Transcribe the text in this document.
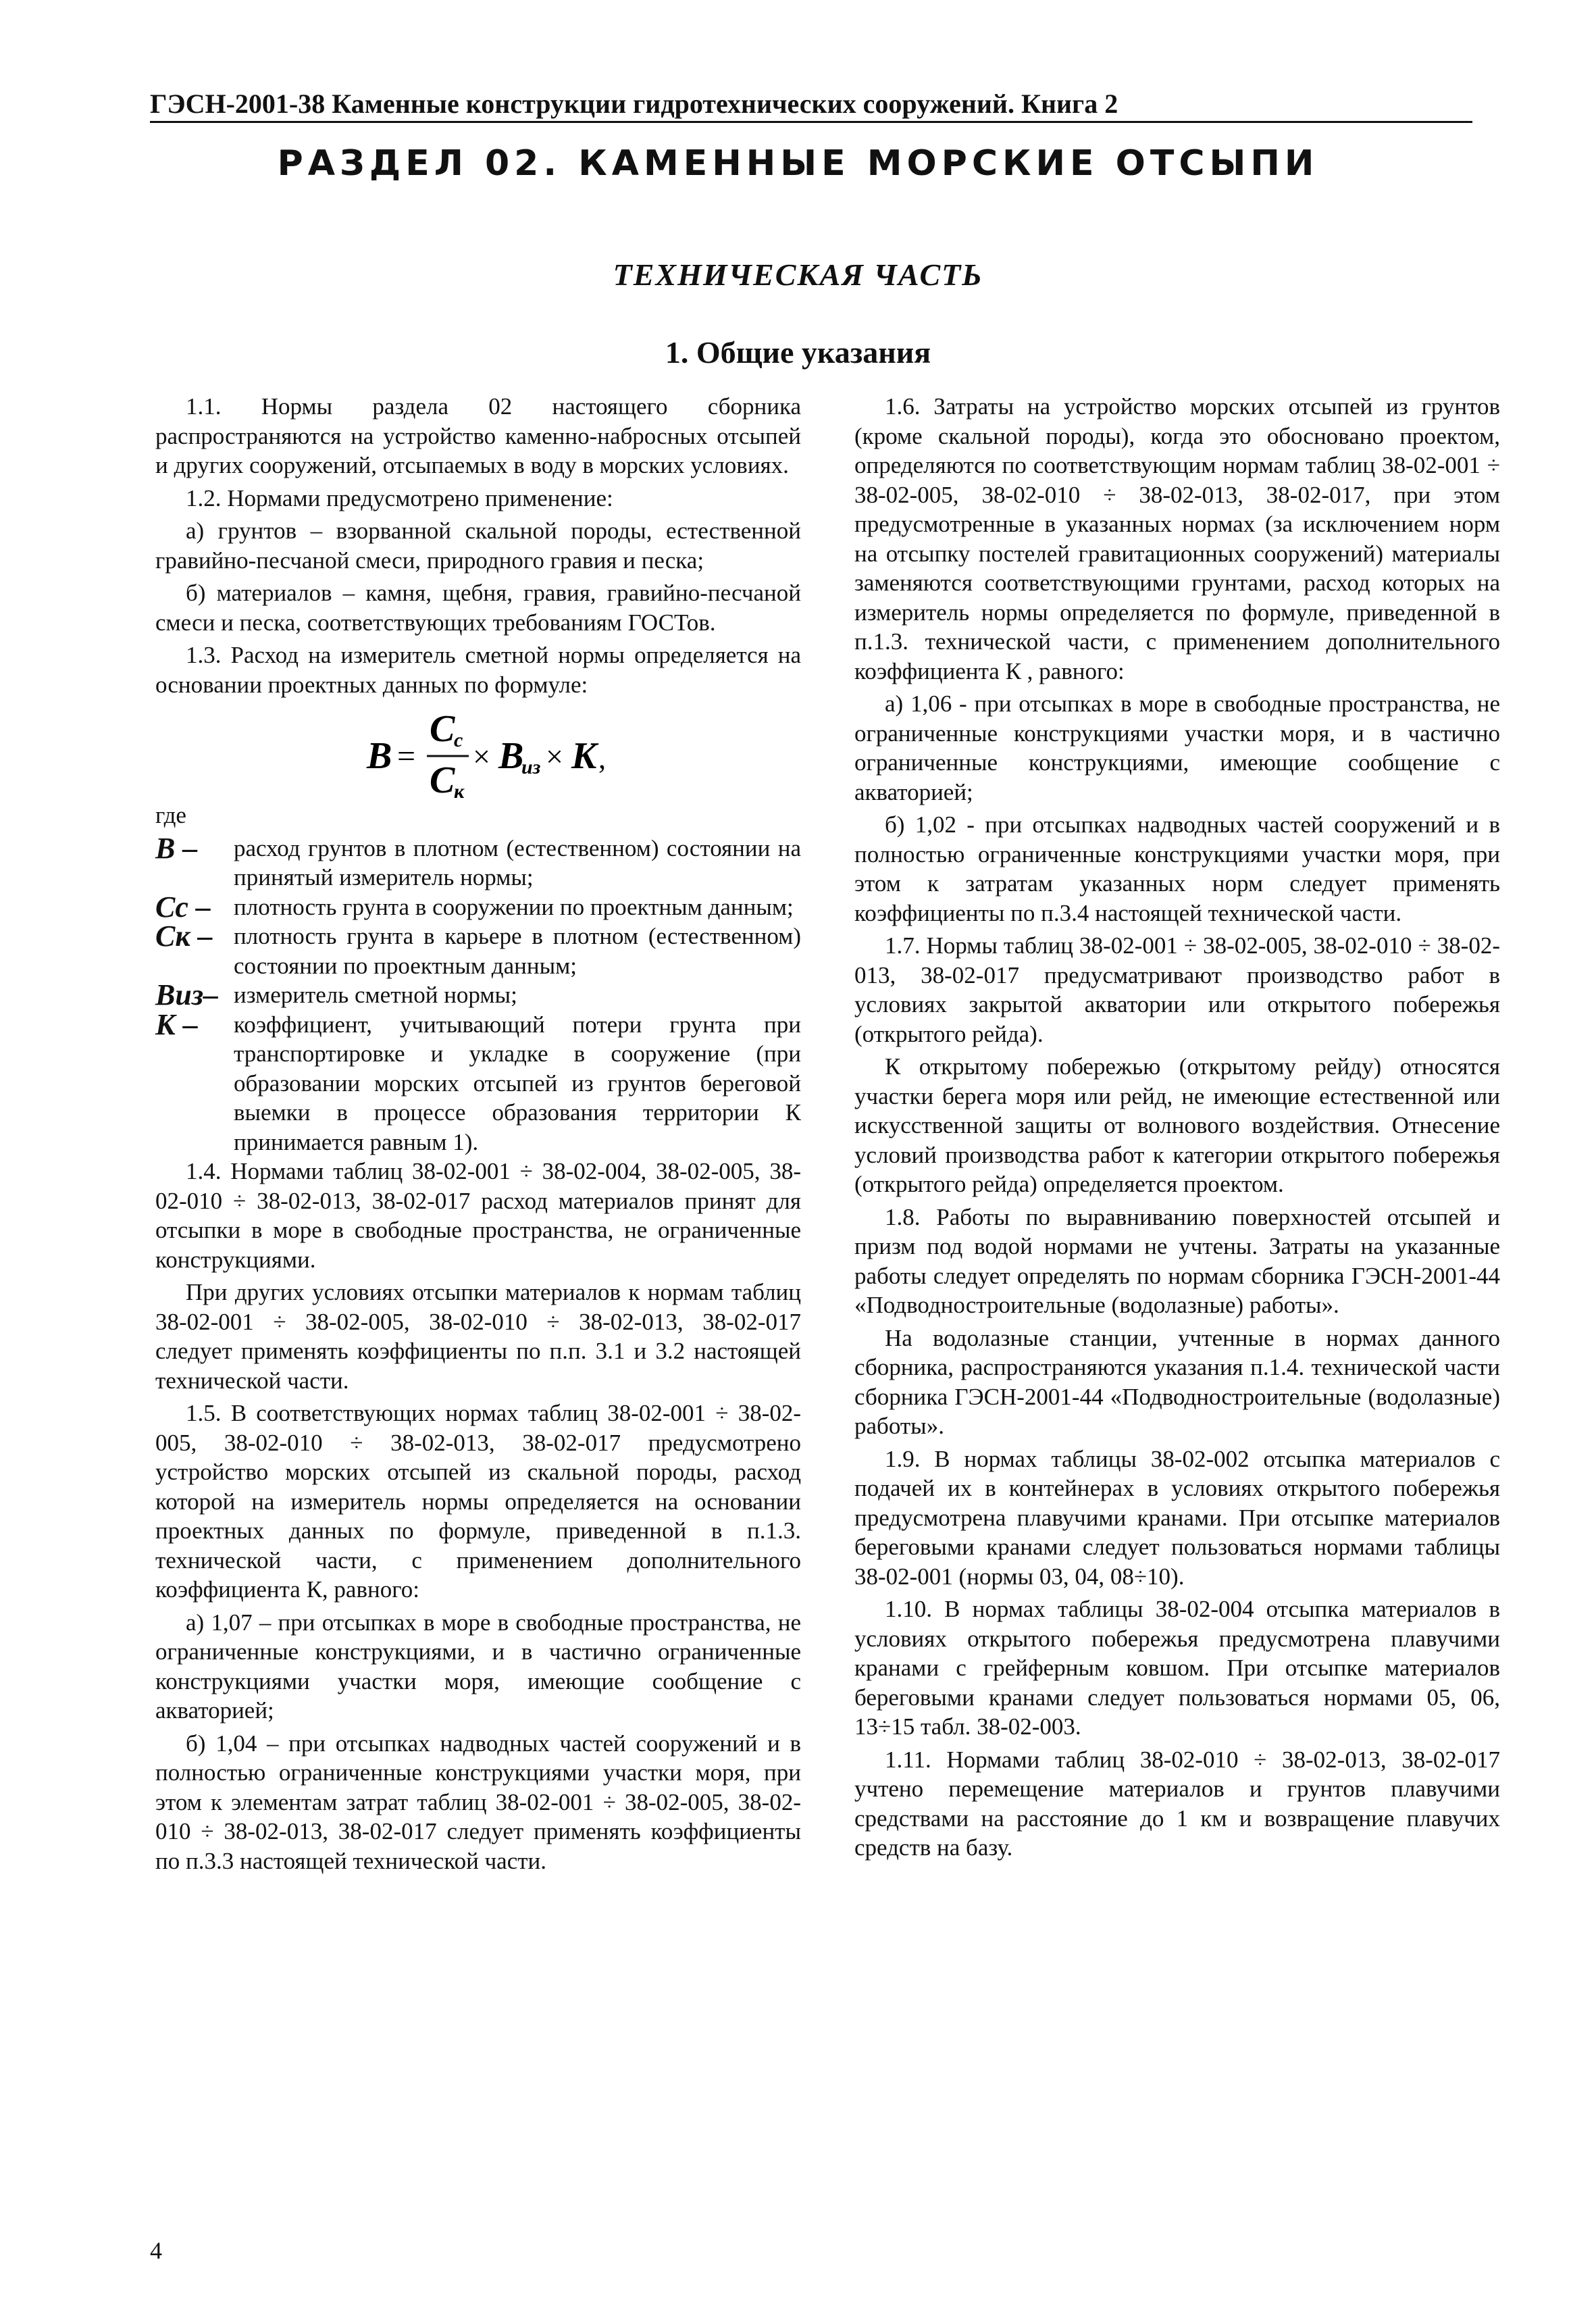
ГЭСН-2001-38 Каменные конструкции гидротехнических сооружений. Книга 2
РАЗДЕЛ 02. КАМЕННЫЕ МОРСКИЕ ОТСЫПИ
ТЕХНИЧЕСКАЯ ЧАСТЬ
1. Общие указания

1.1. Нормы раздела 02 настоящего сборника распространяются на устройство каменно-набросных отсыпей и других сооружений, отсыпаемых в воду в морских условиях.

1.2. Нормами предусмотрено применение:

а) грунтов – взорванной скальной породы, естественной гравийно-песчаной смеси, природного гравия и песка;

б) материалов – камня, щебня, гравия, гравийно-песчаной смеси и песка, соответствующих требованиям ГОСТов.

1.3. Расход на измеритель сметной нормы определяется на основании проектных данных по формуле:

B =
C
c
C
к
× B
из × K ,

где

B –	расход грунтов в плотном (естественном) состоянии на принятый измеритель нормы;
Cc – плотность грунта в сооружении по проектным данным;
Cк – плотность грунта в карьере в плотном (естественном) состоянии по проектным данным;
Bиз– измеритель сметной нормы;
К –	коэффициент, учитывающий потери грунта при транспортировке и укладке в сооружение (при образовании морских отсыпей из грунтов береговой выемки в процессе образования территории К принимается равным 1).

1.4. Нормами таблиц 38-02-001 ÷ 38-02-004, 38-02-005, 38-02-010 ÷ 38-02-013, 38-02-017 расход материалов принят для отсыпки в море в свободные пространства, не ограниченные конструкциями.

При других условиях отсыпки материалов к нормам таблиц 38-02-001 ÷ 38-02-005, 38-02-010 ÷ 38-02-013, 38-02-017 следует применять коэффициенты по п.п. 3.1 и 3.2 настоящей технической части.

1.5. В соответствующих нормах таблиц 38-02-001 ÷ 38-02-005, 38-02-010 ÷ 38-02-013, 38-02-017 предусмотрено устройство морских отсыпей из скальной породы, расход которой на измеритель нормы определяется на основании проектных данных по формуле, приведенной в п.1.3. технической части, с применением дополнительного коэффициента К, равного:

а) 1,07 – при отсыпках в море в свободные пространства, не ограниченные конструкциями, и в частично ограниченные конструкциями участки моря, имеющие сообщение с акваторией;

б) 1,04 – при отсыпках надводных частей сооружений и в полностью ограниченные конструкциями участки моря, при этом к элементам затрат таблиц 38-02-001 ÷ 38-02-005, 38-02-010 ÷ 38-02-013, 38-02-017 следует применять коэффициенты по п.3.3 настоящей технической части.

1.6. Затраты на устройство морских отсыпей из грунтов (кроме скальной породы), когда это обосновано проектом, определяются по соответствующим нормам таблиц 38-02-001 ÷ 38-02-005, 38-02-010 ÷ 38-02-013, 38-02-017, при этом предусмотренные в указанных нормах (за исключением норм на отсыпку постелей гравитационных сооружений) материалы заменяются соответствующими грунтами, расход которых на измеритель нормы определяется по формуле, приведенной в п.1.3. технической части, с применением дополнительного коэффициента К , равного:

а) 1,06 - при отсыпках в море в свободные пространства, не ограниченные конструкциями участки моря, и в частично ограниченные конструкциями, имеющие сообщение с акваторией;

б) 1,02 - при отсыпках надводных частей сооружений и в полностью ограниченные конструкциями участки моря, при этом к затратам указанных норм следует применять коэффициенты по п.3.4 настоящей технической части.

1.7. Нормы таблиц 38-02-001 ÷ 38-02-005, 38-02-010 ÷ 38-02-013, 38-02-017 предусматривают производство работ в условиях закрытой акватории или открытого побережья (открытого рейда).

К открытому побережью (открытому рейду) относятся участки берега моря или рейд, не имеющие естественной или искусственной защиты от волнового воздействия. Отнесение условий производства работ к категории открытого побережья (открытого рейда) определяется проектом.

1.8. Работы по выравниванию поверхностей отсыпей и призм под водой нормами не учтены. Затраты на указанные работы следует определять по нормам сборника ГЭСН-2001-44 «Подводностроительные (водолазные) работы».

На водолазные станции, учтенные в нормах данного сборника, распространяются указания п.1.4. технической части сборника ГЭСН-2001-44 «Подводностроительные (водолазные) работы».

1.9. В нормах таблицы 38-02-002 отсыпка материалов с подачей их в контейнерах в условиях открытого побережья предусмотрена плавучими кранами. При отсыпке материалов береговыми кранами следует пользоваться нормами таблицы 38-02-001 (нормы 03, 04, 08÷10).

1.10. В нормах таблицы 38-02-004 отсыпка материалов в условиях открытого побережья предусмотрена плавучими кранами с грейферным ковшом. При отсыпке материалов береговыми кранами следует пользоваться нормами 05, 06, 13÷15 табл. 38-02-003.

1.11. Нормами таблиц 38-02-010 ÷ 38-02-013, 38-02-017 учтено перемещение материалов и грунтов плавучими средствами на расстояние до 1 км и возвращение плавучих средств на базу.

4
